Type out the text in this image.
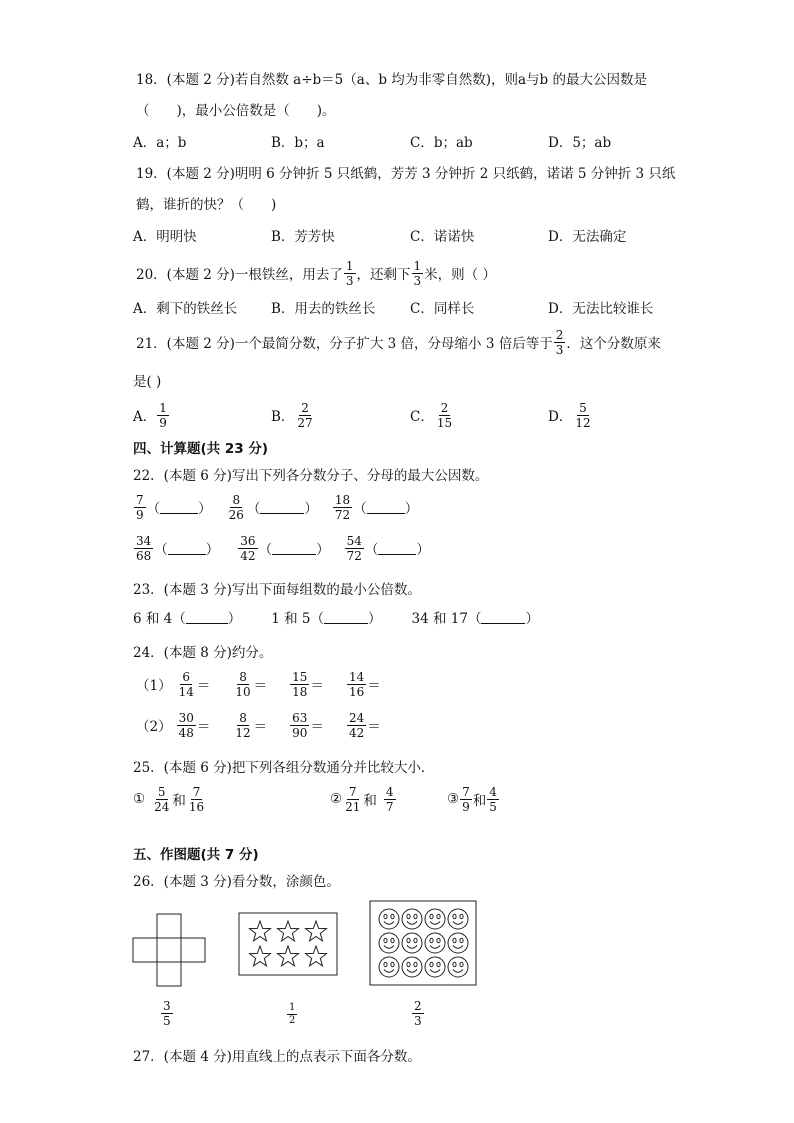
18．(本题 2 分)若自然数 a÷b＝5（a、b 均为非零自然数)，则a与b 的最大公因数是
（　　)，最小公倍数是（　　)。
A．a；b	B．b；a	C．b；ab	D．5；ab
19．(本题 2 分)明明 6 分钟折 5 只纸鹤，芳芳 3 分钟折 2 只纸鹤，诺诺 5 分钟折 3 只纸
鹤，谁折的快？（　　)
A．明明快	B．芳芳快	C．诺诺快	D．无法确定
20．(本题 2 分)一根铁丝，用去了 $\frac{1}{3}$ ，还剩下 $\frac{1}{3}$ 米，则（ ）
A．剩下的铁丝长	B．用去的铁丝长	C．同样长	D．无法比较谁长
21．(本题 2 分)一个最简分数，分子扩大 3 倍，分母缩小 3 倍后等于 $\frac{2}{3}$ ．这个分数原来
是( )
A． $\frac{1}{9}$	B． $\frac{2}{27}$	C． $\frac{2}{15}$	D． $\frac{5}{12}$
四、计算题(共 23 分)
22．(本题 6 分)写出下列各分数分子、分母的最大公因数。
$\frac{7}{9}$ （	） $\frac{8}{26}$ （	） $\frac{18}{72}$ （	）
$\frac{34}{68}$ （	） $\frac{36}{42}$ （	） $\frac{54}{72}$ （	）
23．(本题 3 分)写出下面每组数的最小公倍数。
6 和 4 （	） 1 和 5 （	） 34 和 17 （	）
24．(本题 8 分)约分。
$(1) \frac{6}{14} = \frac{8}{10} = \frac{15}{18} = \frac{14}{16}$ ＝
$(2) \frac{30}{48} = \frac{8}{12} = \frac{63}{90} = \frac{24}{42}$ ＝
25．(本题 6 分)把下列各组分数通分并比较大小．
① $\frac{5}{24}$ 和 $\frac{7}{16}$	② $\frac{7}{21}$ 和 $\frac{4}{7}$	③ $\frac{7}{9}$ 和 $\frac{4}{5}$
五、作图题(共 7 分)
26．(本题 3 分)看分数，涂颜色。
$\frac{3}{5}$	$\frac{1}{2}$	$\frac{2}{3}$
27．(本题 4 分)用直线上的点表示下面各分数。
